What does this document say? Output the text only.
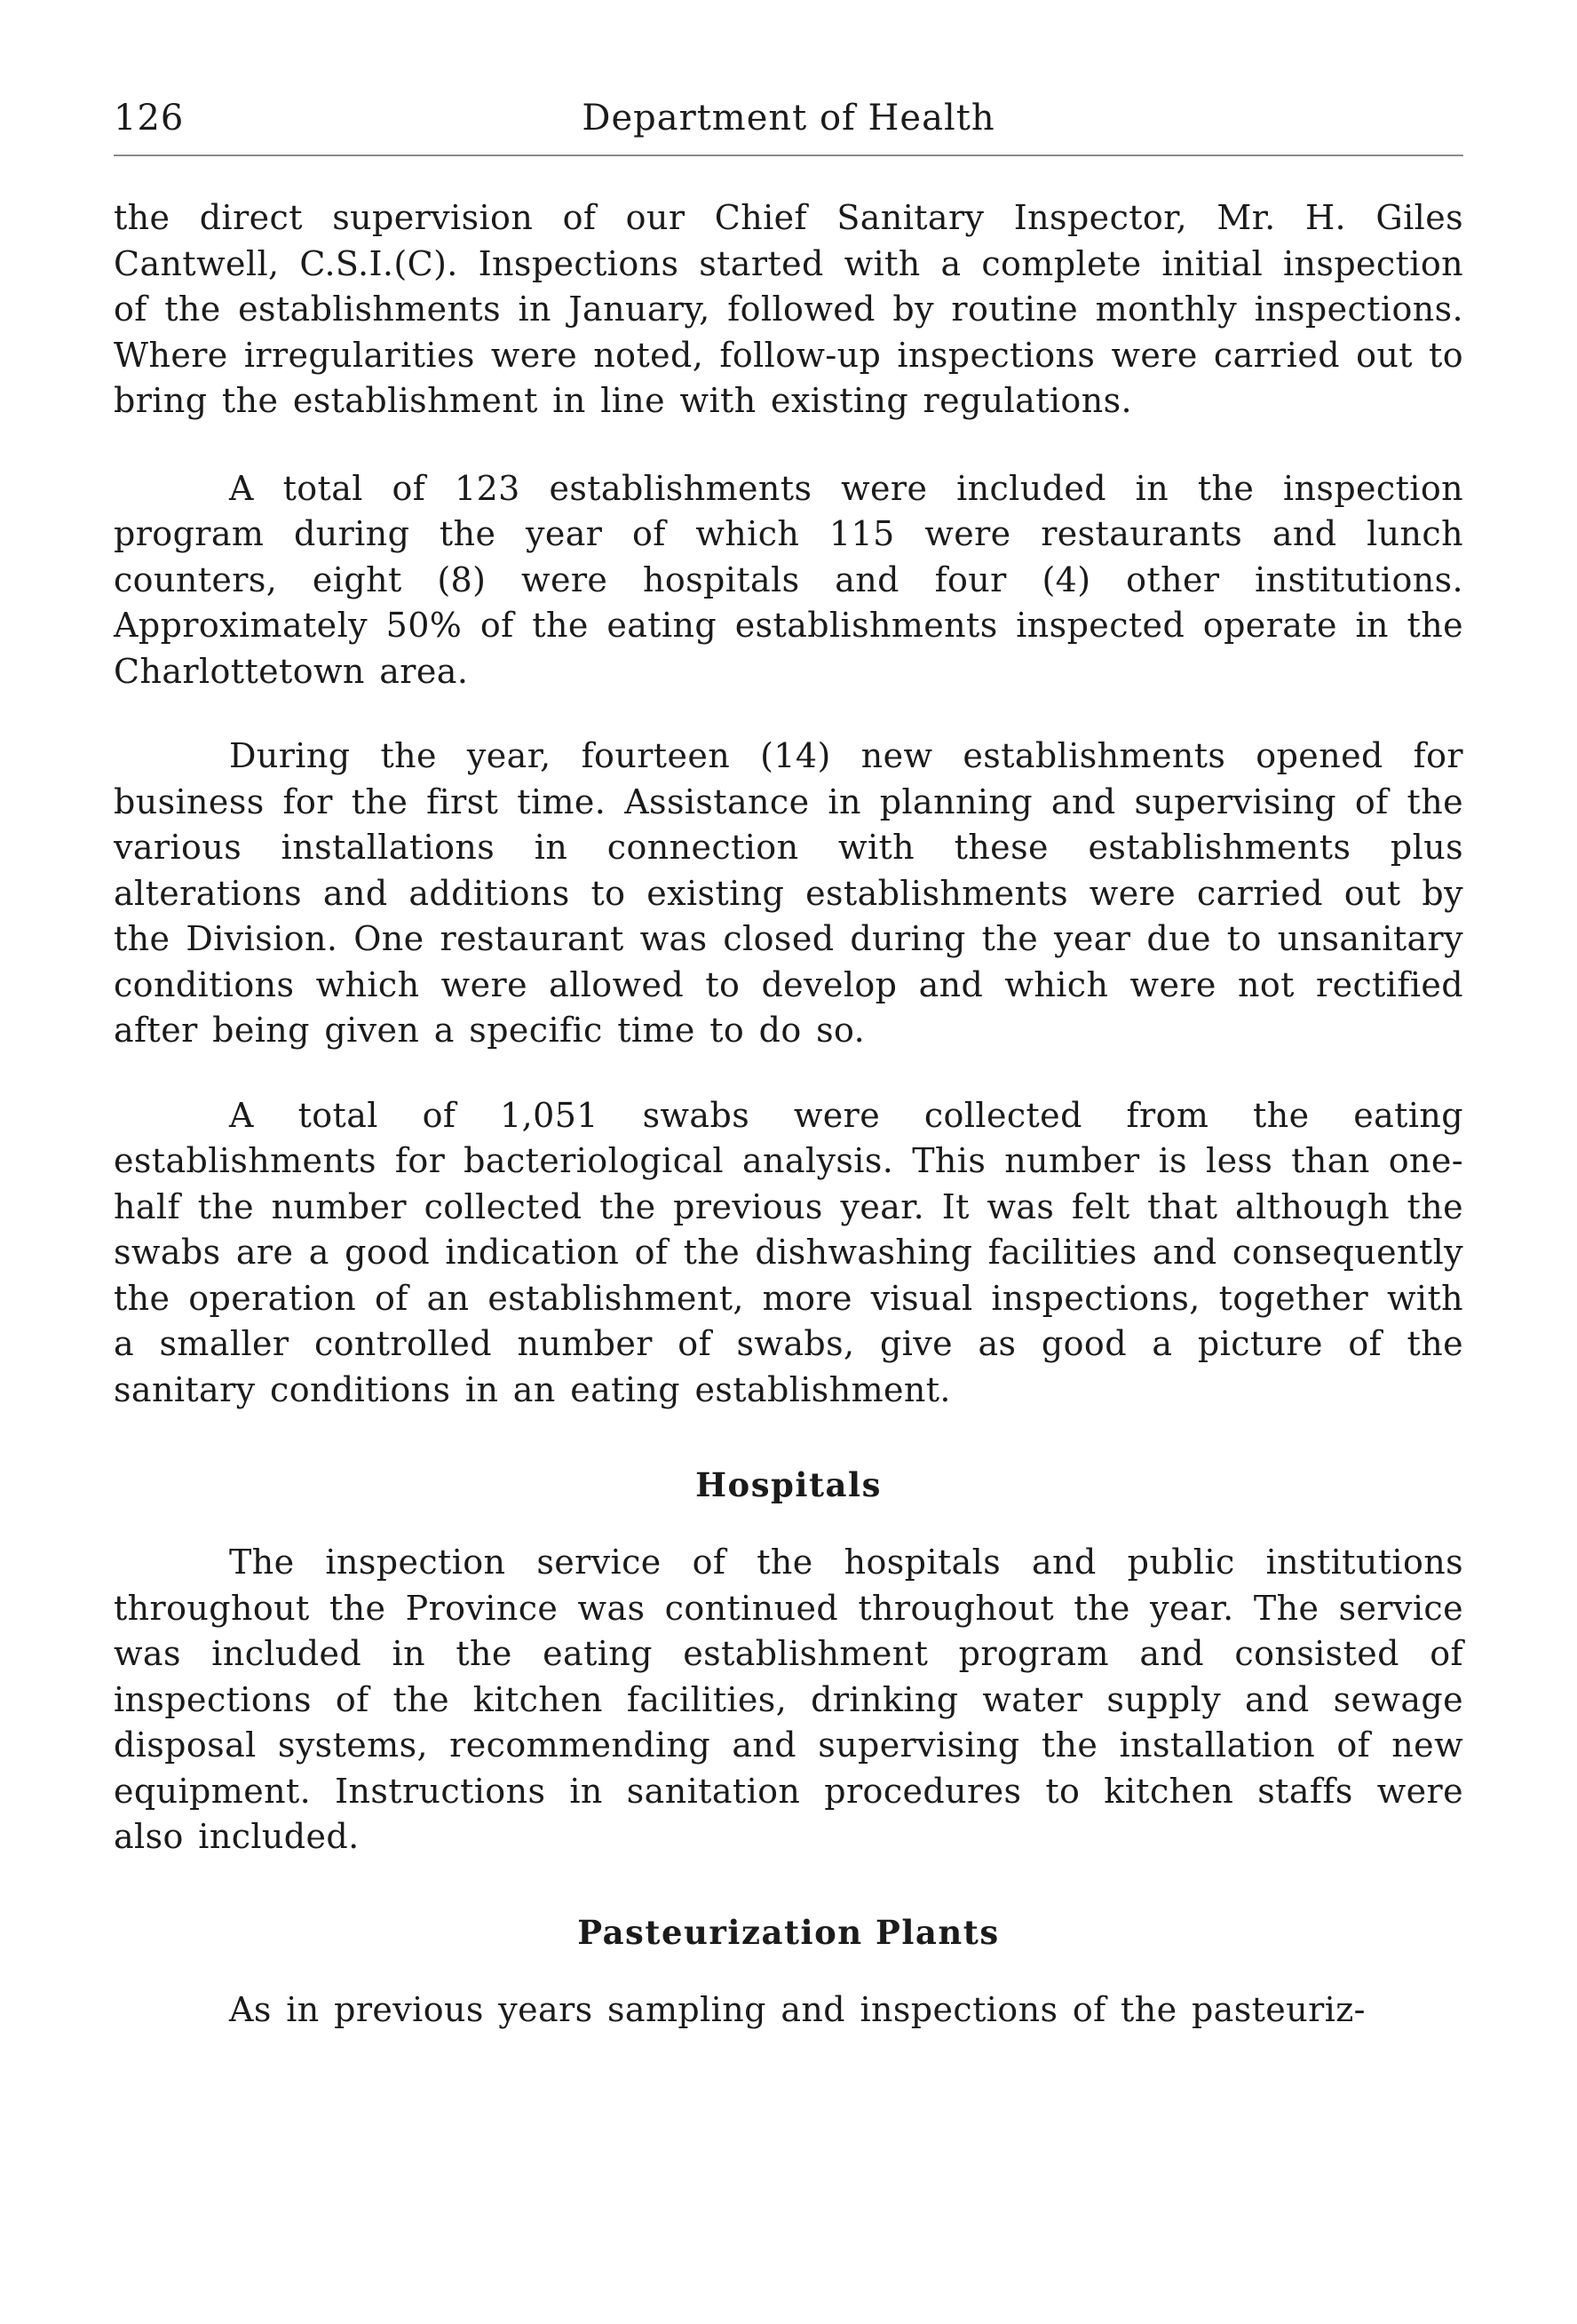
126	Department of Health

the direct supervision of our Chief Sanitary Inspector, Mr. H. Giles Cantwell, C.S.I.(C). Inspections started with a complete initial inspection of the establishments in January, followed by routine monthly inspections. Where irregularities were noted, follow-up inspections were carried out to bring the establishment in line with existing regulations.

A total of 123 establishments were included in the inspection program during the year of which 115 were restaurants and lunch counters, eight (8) were hospitals and four (4) other institutions. Approximately 50% of the eating establishments inspected operate in the Charlottetown area.

During the year, fourteen (14) new establishments opened for business for the first time. Assistance in planning and supervising of the various installations in connection with these establishments plus alterations and additions to existing establishments were carried out by the Division. One restaurant was closed during the year due to unsanitary conditions which were allowed to develop and which were not rectified after being given a specific time to do so.

A total of 1,051 swabs were collected from the eating establishments for bacteriological analysis. This number is less than one-half the number collected the previous year. It was felt that although the swabs are a good indication of the dishwashing facilities and consequently the operation of an establishment, more visual inspections, together with a smaller controlled number of swabs, give as good a picture of the sanitary conditions in an eating establishment.

Hospitals

The inspection service of the hospitals and public institutions throughout the Province was continued throughout the year. The service was included in the eating establishment program and consisted of inspections of the kitchen facilities, drinking water supply and sewage disposal systems, recommending and supervising the installation of new equipment. Instructions in sanitation procedures to kitchen staffs were also included.

Pasteurization Plants

As in previous years sampling and inspections of the pasteuriz-
